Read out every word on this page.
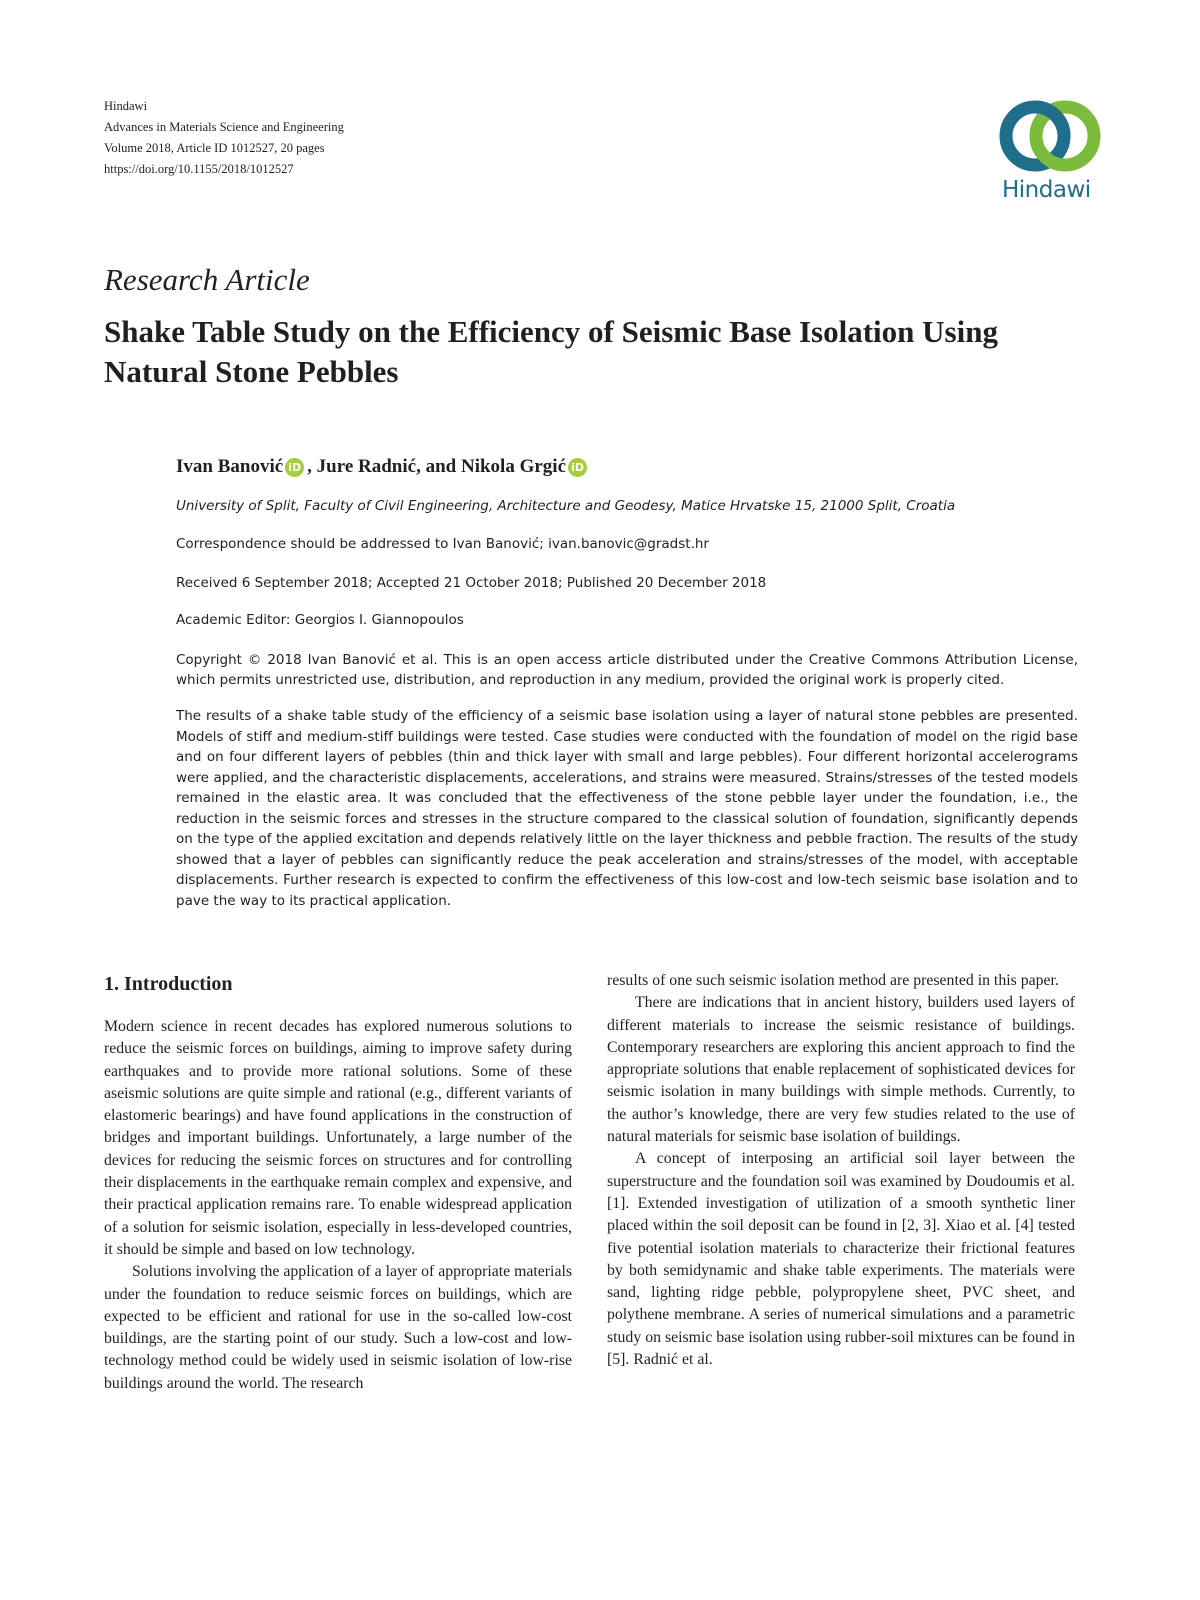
Hindawi
Advances in Materials Science and Engineering
Volume 2018, Article ID 1012527, 20 pages
https://doi.org/10.1155/2018/1012527
Hindawi
Research Article
Shake Table Study on the Efficiency of Seismic Base Isolation Using Natural Stone Pebbles
Ivan Banović iD , Jure Radnić , and Nikola Grgić iD
University of Split, Faculty of Civil Engineering, Architecture and Geodesy, Matice Hrvatske 15, 21000 Split, Croatia
Correspondence should be addressed to Ivan Banović; ivan.banovic@gradst.hr
Received 6 September 2018; Accepted 21 October 2018; Published 20 December 2018
Academic Editor: Georgios I. Giannopoulos
Copyright © 2018 Ivan Banović et al. This is an open access article distributed under the Creative Commons Attribution License, which permits unrestricted use, distribution, and reproduction in any medium, provided the original work is properly cited.
The results of a shake table study of the efficiency of a seismic base isolation using a layer of natural stone pebbles are presented. Models of stiff and medium-stiff buildings were tested. Case studies were conducted with the foundation of model on the rigid base and on four different layers of pebbles (thin and thick layer with small and large pebbles). Four different horizontal accelerograms were applied, and the characteristic displacements, accelerations, and strains were measured. Strains/stresses of the tested models remained in the elastic area. It was concluded that the effectiveness of the stone pebble layer under the foundation, i.e., the reduction in the seismic forces and stresses in the structure compared to the classical solution of foundation, significantly depends on the type of the applied excitation and depends relatively little on the layer thickness and pebble fraction. The results of the study showed that a layer of pebbles can significantly reduce the peak acceleration and strains/stresses of the model, with acceptable displacements. Further research is expected to confirm the effectiveness of this low-cost and low-tech seismic base isolation and to pave the way to its practical application.
1. Introduction

Modern science in recent decades has explored numerous solutions to reduce the seismic forces on buildings, aiming to improve safety during earthquakes and to provide more rational solutions. Some of these aseismic solutions are quite simple and rational (e.g., different variants of elastomeric bearings) and have found applications in the construction of bridges and important buildings. Unfortunately, a large number of the devices for reducing the seismic forces on structures and for controlling their displacements in the earthquake remain complex and expensive, and their practical application remains rare. To enable widespread application of a solution for seismic isolation, especially in less-developed countries, it should be simple and based on low technology.

Solutions involving the application of a layer of appropriate materials under the foundation to reduce seismic forces on buildings, which are expected to be efficient and rational for use in the so-called low-cost buildings, are the starting point of our study. Such a low-cost and low-technology method could be widely used in seismic isolation of low-rise buildings around the world. The research

results of one such seismic isolation method are presented in this paper.

There are indications that in ancient history, builders used layers of different materials to increase the seismic resistance of buildings. Contemporary researchers are exploring this ancient approach to find the appropriate solutions that enable replacement of sophisticated devices for seismic isolation in many buildings with simple methods. Currently, to the author’s knowledge, there are very few studies related to the use of natural materials for seismic base isolation of buildings.

A concept of interposing an artificial soil layer between the superstructure and the foundation soil was examined by Doudoumis et al. [1]. Extended investigation of utilization of a smooth synthetic liner placed within the soil deposit can be found in [2, 3]. Xiao et al. [4] tested five potential isolation materials to characterize their frictional features by both semidynamic and shake table experiments. The materials were sand, lighting ridge pebble, polypropylene sheet, PVC sheet, and polythene membrane. A series of numerical simulations and a parametric study on seismic base isolation using rubber-soil mixtures can be found in [5]. Radnić et al.
